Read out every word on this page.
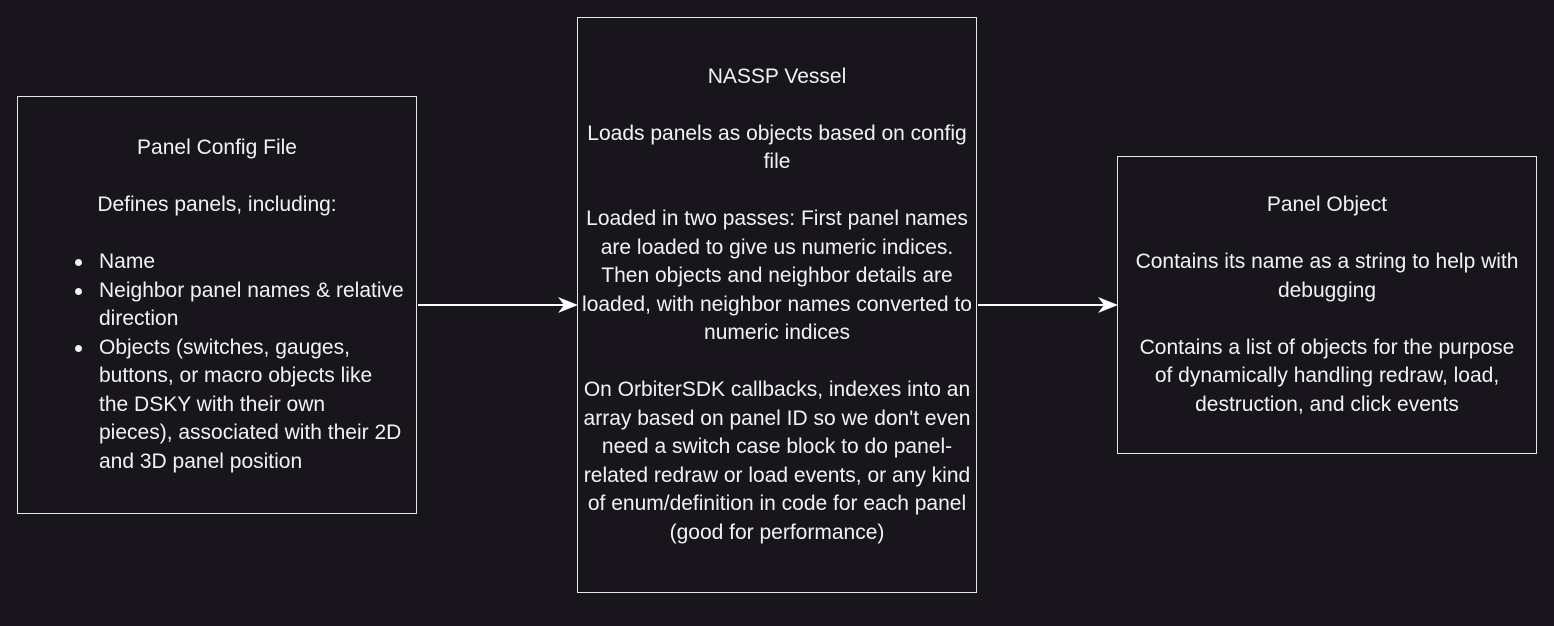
Panel Config File

Defines panels, including:

Name
Neighbor panel names & relative direction
Objects (switches, gauges, buttons, or macro objects like the DSKY with their own pieces), associated with their 2D and 3D panel position

NASSP Vessel

Loads panels as objects based on config file

Loaded in two passes: First panel names are loaded to give us numeric indices. Then objects and neighbor details are loaded, with neighbor names converted to numeric indices

On OrbiterSDK callbacks, indexes into an array based on panel ID so we don't even need a switch case block to do panel-related redraw or load events, or any kind of enum/definition in code for each panel (good for performance)

Panel Object

Contains its name as a string to help with debugging

Contains a list of objects for the purpose of dynamically handling redraw, load, destruction, and click events
